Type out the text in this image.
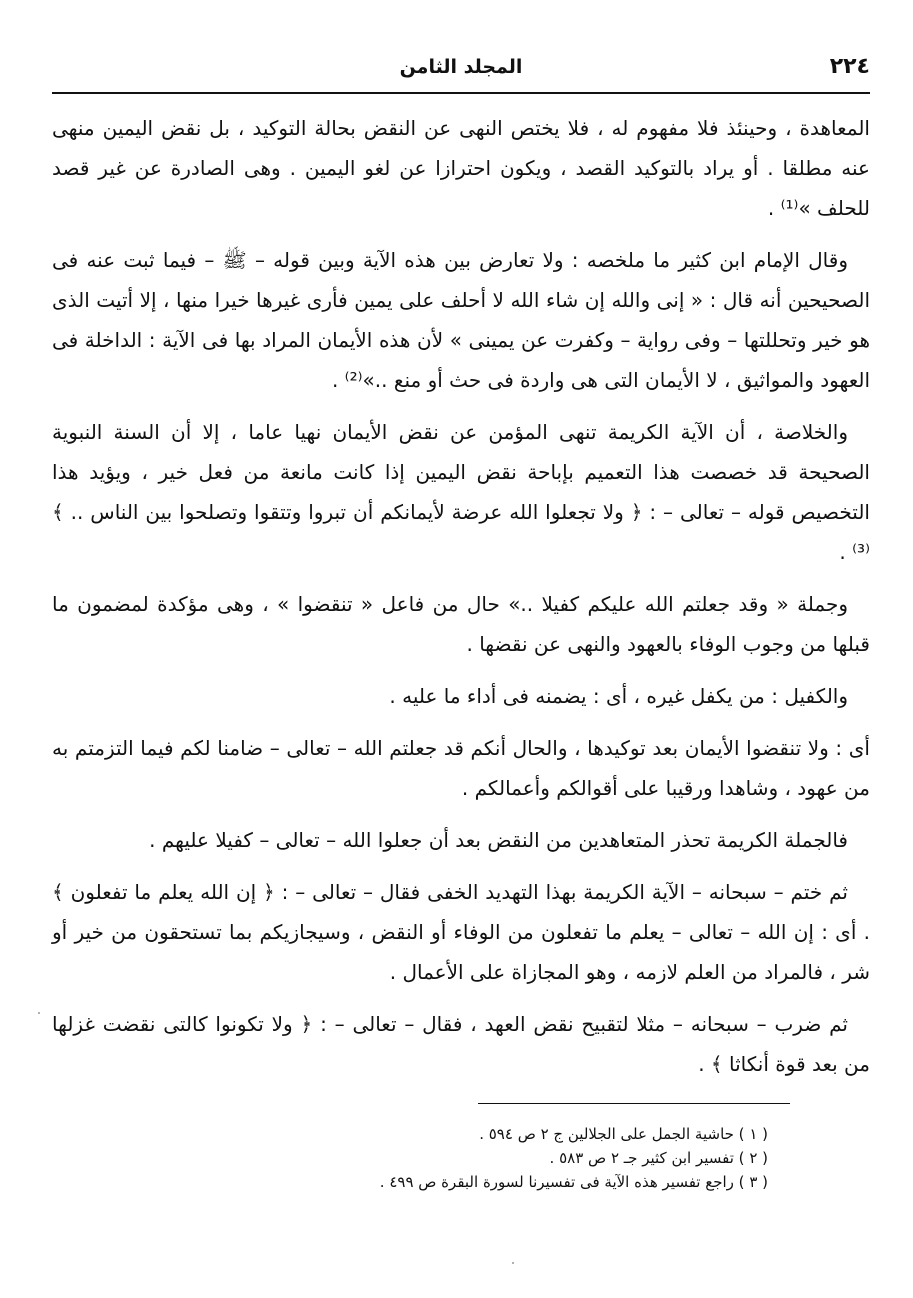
٢٢٤
المجلد الثامن

المعاهدة ، وحينئذ فلا مفهوم له ، فلا يختص النهى عن النقض بحالة التوكيد ، بل نقض اليمين منهى عنه مطلقا . أو يراد بالتوكيد القصد ، ويكون احترازا عن لغو اليمين . وهى الصادرة عن غير قصد للحلف »⁽¹⁾ .

وقال الإمام ابن كثير ما ملخصه : ولا تعارض بين هذه الآية وبين قوله – ﷺ – فيما ثبت عنه فى الصحيحين أنه قال : « إنى والله إن شاء الله لا أحلف على يمين فأرى غيرها خيرا منها ، إلا أتيت الذى هو خير وتحللتها – وفى رواية – وكفرت عن يمينى » لأن هذه الأيمان المراد بها فى الآية : الداخلة فى العهود والمواثيق ، لا الأيمان التى هى واردة فى حث أو منع ..»⁽²⁾ .

والخلاصة ، أن الآية الكريمة تنهى المؤمن عن نقض الأيمان نهيا عاما ، إلا أن السنة النبوية الصحيحة قد خصصت هذا التعميم بإباحة نقض اليمين إذا كانت مانعة من فعل خير ، ويؤيد هذا التخصيص قوله – تعالى – : ﴿ ولا تجعلوا الله عرضة لأيمانكم أن تبروا وتتقوا وتصلحوا بين الناس .. ﴾⁽³⁾ .

وجملة « وقد جعلتم الله عليكم كفيلا ..» حال من فاعل « تنقضوا » ، وهى مؤكدة لمضمون ما قبلها من وجوب الوفاء بالعهود والنهى عن نقضها .

والكفيل : من يكفل غيره ، أى : يضمنه فى أداء ما عليه .

أى : ولا تنقضوا الأيمان بعد توكيدها ، والحال أنكم قد جعلتم الله – تعالى – ضامنا لكم فيما التزمتم به من عهود ، وشاهدا ورقيبا على أقوالكم وأعمالكم .

فالجملة الكريمة تحذر المتعاهدين من النقض بعد أن جعلوا الله – تعالى – كفيلا عليهم .

ثم ختم – سبحانه – الآية الكريمة بهذا التهديد الخفى فقال – تعالى – : ﴿ إن الله يعلم ما تفعلون ﴾ . أى : إن الله – تعالى – يعلم ما تفعلون من الوفاء أو النقض ، وسيجازيكم بما تستحقون من خير أو شر ، فالمراد من العلم لازمه ، وهو المجازاة على الأعمال .

ثم ضرب – سبحانه – مثلا لتقبيح نقض العهد ، فقال – تعالى – : ﴿ ولا تكونوا كالتى نقضت غزلها من بعد قوة أنكاثا ﴾ .

( ١ ) حاشية الجمل على الجلالين ج ٢ ص ٥٩٤ .
( ٢ ) تفسير ابن كثير جـ ٢ ص ٥٨٣ .
( ٣ ) راجع تفسير هذه الآية فى تفسيرنا لسورة البقرة ص ٤٩٩ .
